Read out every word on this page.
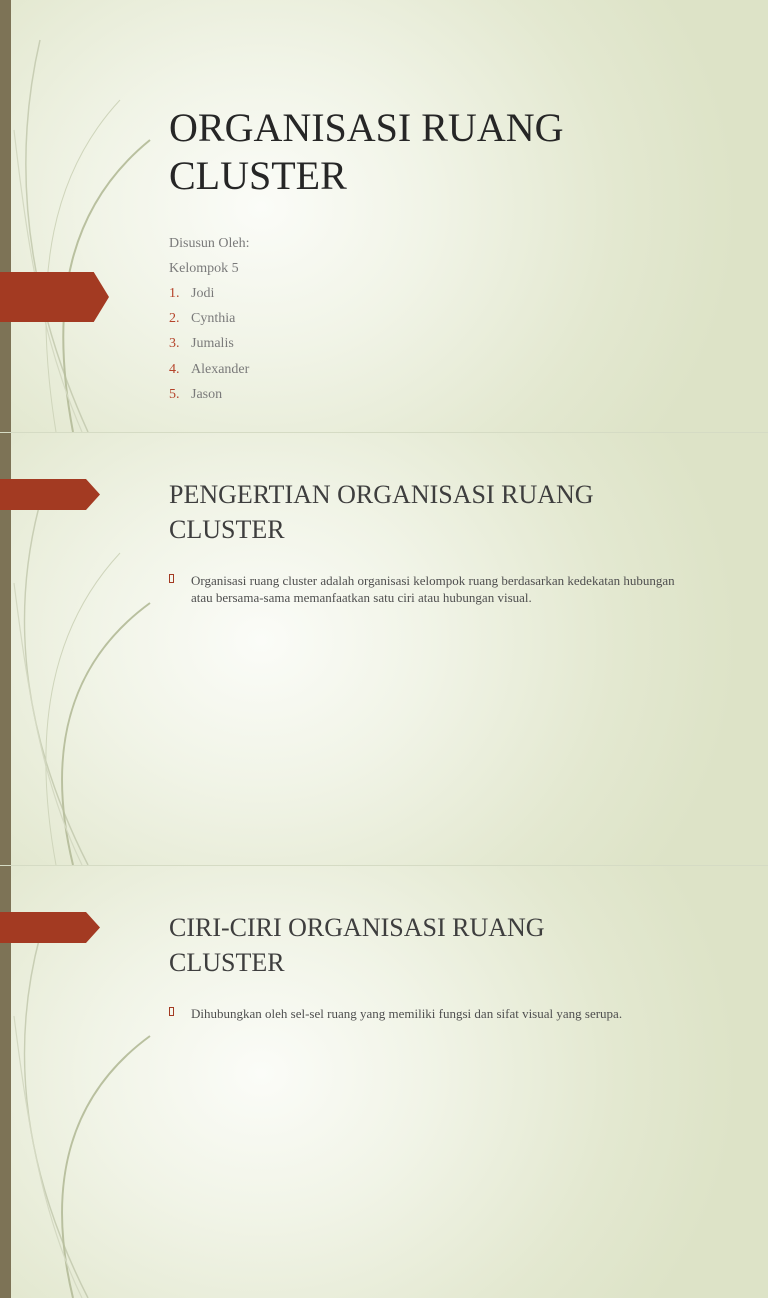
ORGANISASI RUANG
CLUSTER
Disusun Oleh:
Kelompok 5
1. Jodi
2. Cynthia
3. Jumalis
4. Alexander
5. Jason
PENGERTIAN ORGANISASI RUANG
CLUSTER
Organisasi ruang cluster adalah organisasi kelompok ruang berdasarkan kedekatan hubungan atau bersama-sama memanfaatkan satu ciri atau hubungan visual.
CIRI-CIRI ORGANISASI RUANG
CLUSTER
Dihubungkan oleh sel-sel ruang yang memiliki fungsi dan sifat visual yang serupa.
